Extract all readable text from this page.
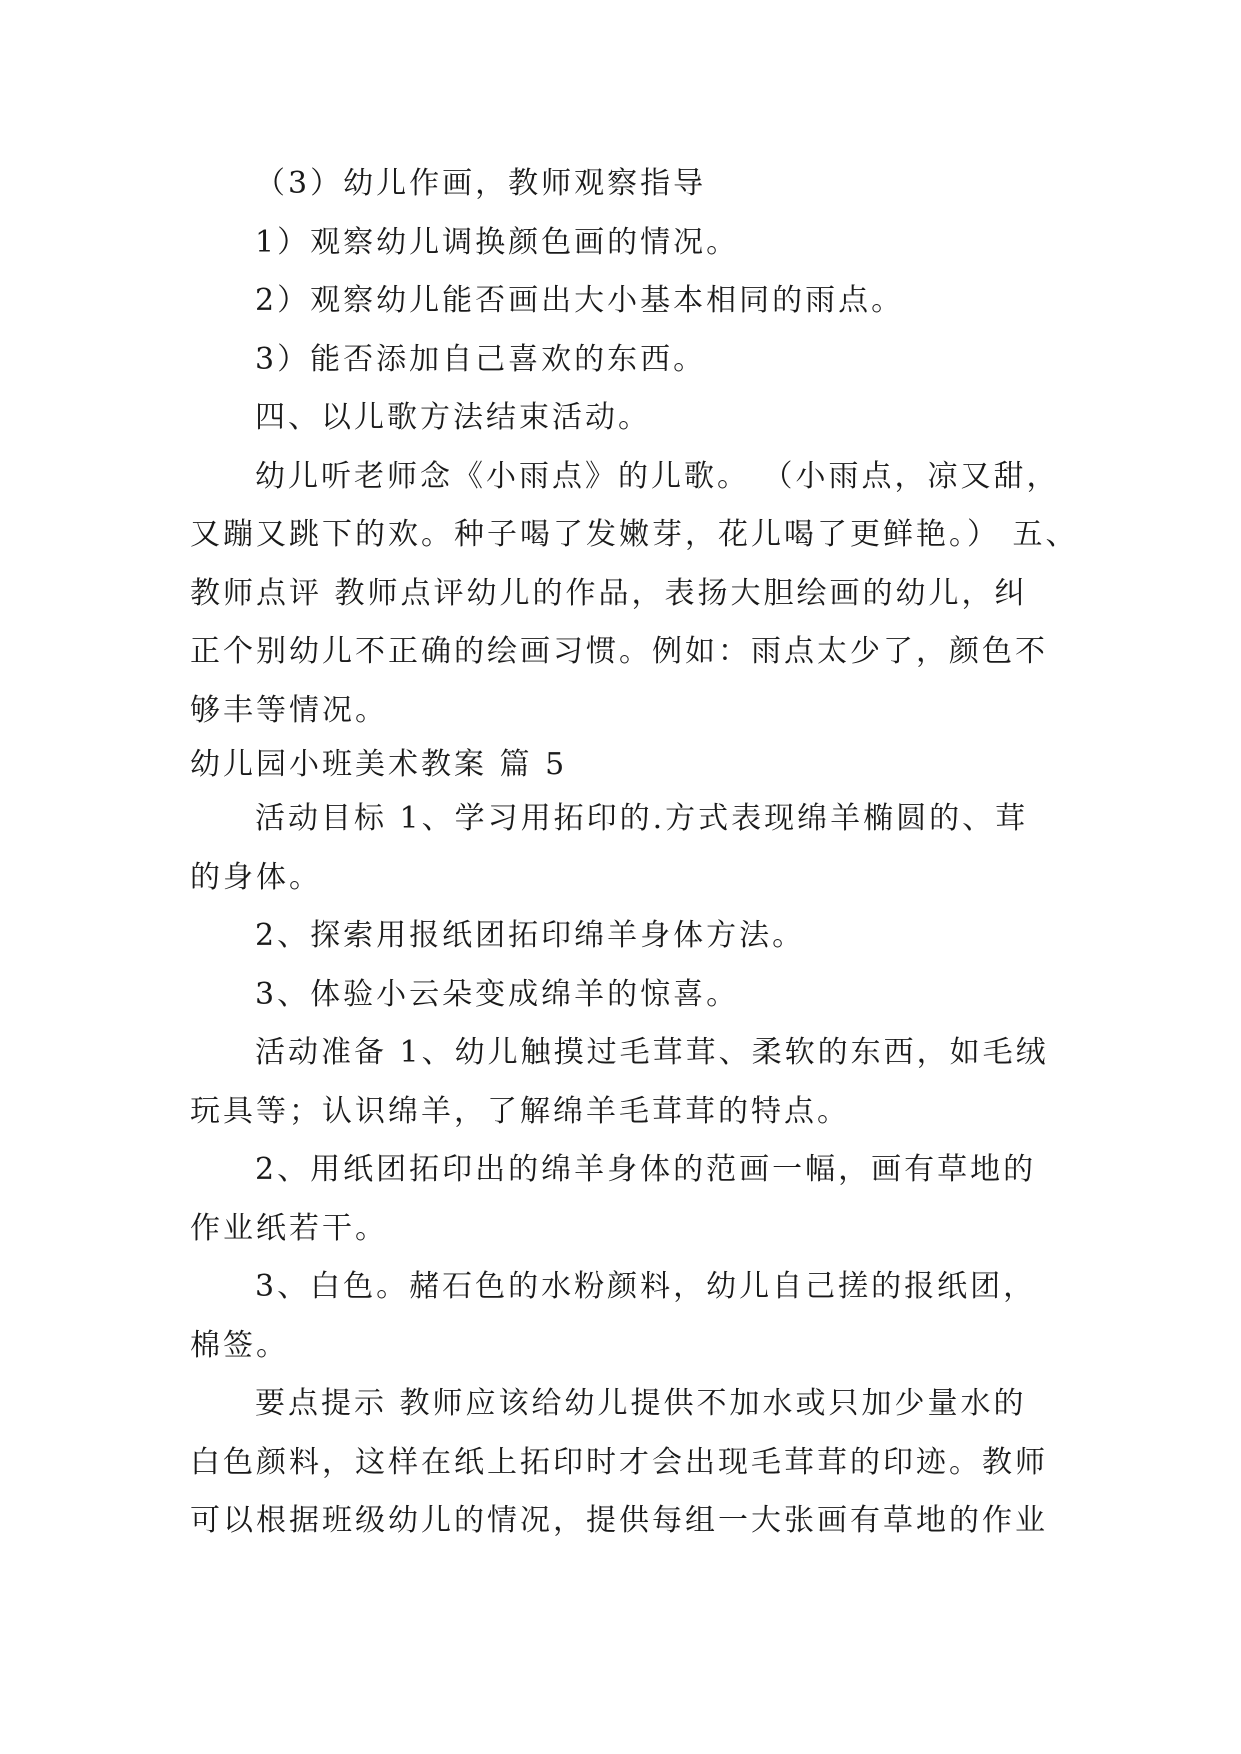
（3）幼儿作画，教师观察指导
1）观察幼儿调换颜色画的情况。
2）观察幼儿能否画出大小基本相同的雨点。
3）能否添加自己喜欢的东西。
四、以儿歌方法结束活动。
幼儿听老师念《小雨点》的儿歌。 （小雨点，凉又甜，
又蹦又跳下的欢。种子喝了发嫩芽，花儿喝了更鲜艳。） 五、
教师点评 教师点评幼儿的作品，表扬大胆绘画的幼儿，纠
正个别幼儿不正确的绘画习惯。例如：雨点太少了，颜色不
够丰等情况。
幼儿园小班美术教案 篇 5
活动目标 1、学习用拓印的.方式表现绵羊椭圆的、茸
的身体。
2、探索用报纸团拓印绵羊身体方法。
3、体验小云朵变成绵羊的惊喜。
活动准备 1、幼儿触摸过毛茸茸、柔软的东西，如毛绒
玩具等；认识绵羊，了解绵羊毛茸茸的特点。
2、用纸团拓印出的绵羊身体的范画一幅，画有草地的
作业纸若干。
3、白色。赭石色的水粉颜料，幼儿自己搓的报纸团，
棉签。
要点提示 教师应该给幼儿提供不加水或只加少量水的
白色颜料，这样在纸上拓印时才会出现毛茸茸的印迹。教师
可以根据班级幼儿的情况，提供每组一大张画有草地的作业
